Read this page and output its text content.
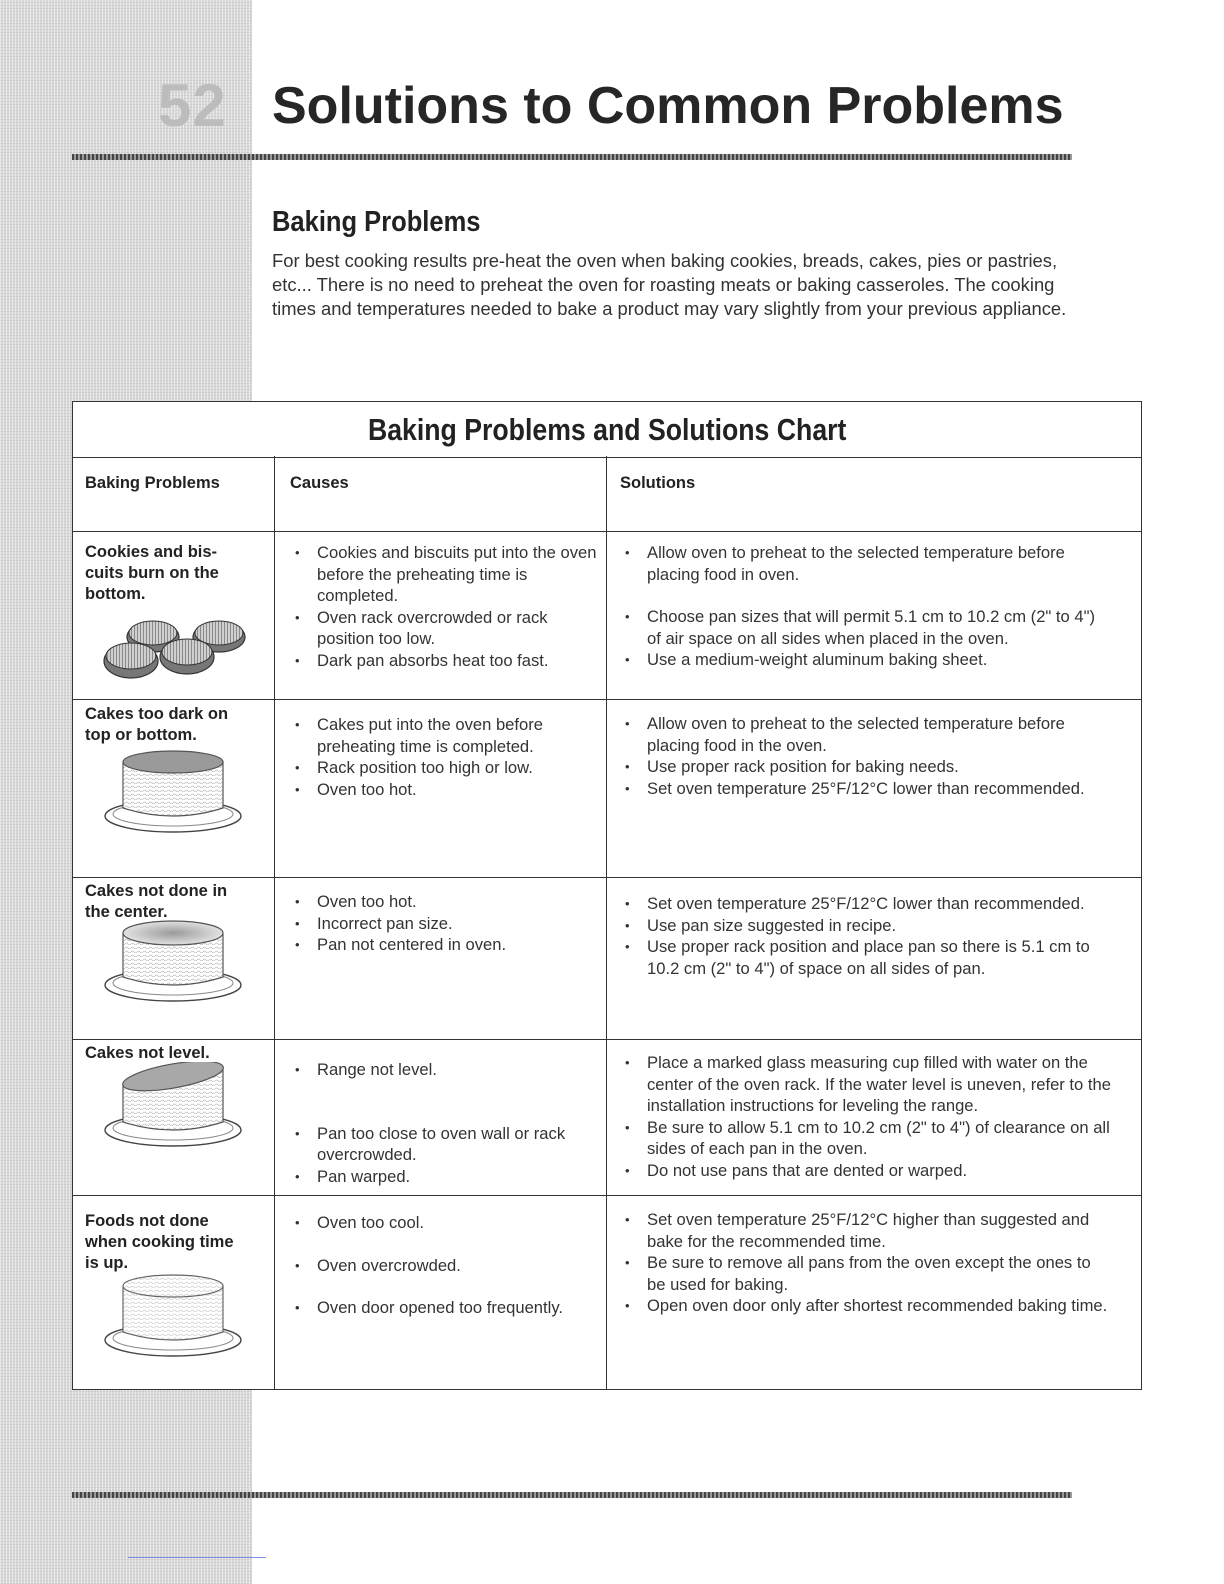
52 Solutions to Common Problems
Baking Problems

For best cooking results pre-heat the oven when baking cookies, breads, cakes, pies or pastries, etc... There is no need to preheat the oven for roasting meats or baking casseroles. The cooking times and temperatures needed to bake a product may vary slightly from your previous appliance.

Baking Problems and Solutions Chart

Baking Problems	Causes	Solutions

Cookies and bis-
cuits burn on the
bottom.

• Cookies and biscuits put into the oven before the preheating time is completed.
• Oven rack overcrowded or rack position too low.
• Dark pan absorbs heat too fast.
• Allow oven to preheat to the selected temperature before placing food in oven.
• Choose pan sizes that will permit 5.1 cm to 10.2 cm (2" to 4") of air space on all sides when placed in the oven.
• Use a medium-weight aluminum baking sheet.

Cakes too dark on
top or bottom.

• Cakes put into the oven before preheating time is completed.
• Rack position too high or low.
• Oven too hot.
• Allow oven to preheat to the selected temperature before placing food in the oven.
• Use proper rack position for baking needs.
• Set oven temperature 25°F/12°C lower than recommended.

Cakes not done in
the center.

• Oven too hot.
• Incorrect pan size.
• Pan not centered in oven.
• Set oven temperature 25°F/12°C lower than recommended.
• Use pan size suggested in recipe.
• Use proper rack position and place pan so there is 5.1 cm to 10.2 cm (2" to 4") of space on all sides of pan.

Cakes not level.

• Range not level.
• Pan too close to oven wall or rack overcrowded.
• Pan warped.
• Place a marked glass measuring cup filled with water on the center of the oven rack. If the water level is uneven, refer to the installation instructions for leveling the range.
• Be sure to allow 5.1 cm to 10.2 cm (2" to 4") of clearance on all sides of each pan in the oven.
• Do not use pans that are dented or warped.

Foods not done
when cooking time
is up.

• Oven too cool.
• Oven overcrowded.
• Oven door opened too frequently.
• Set oven temperature 25°F/12°C higher than suggested and bake for the recommended time.
• Be sure to remove all pans from the oven except the ones to be used for baking.
• Open oven door only after shortest recommended baking time.
